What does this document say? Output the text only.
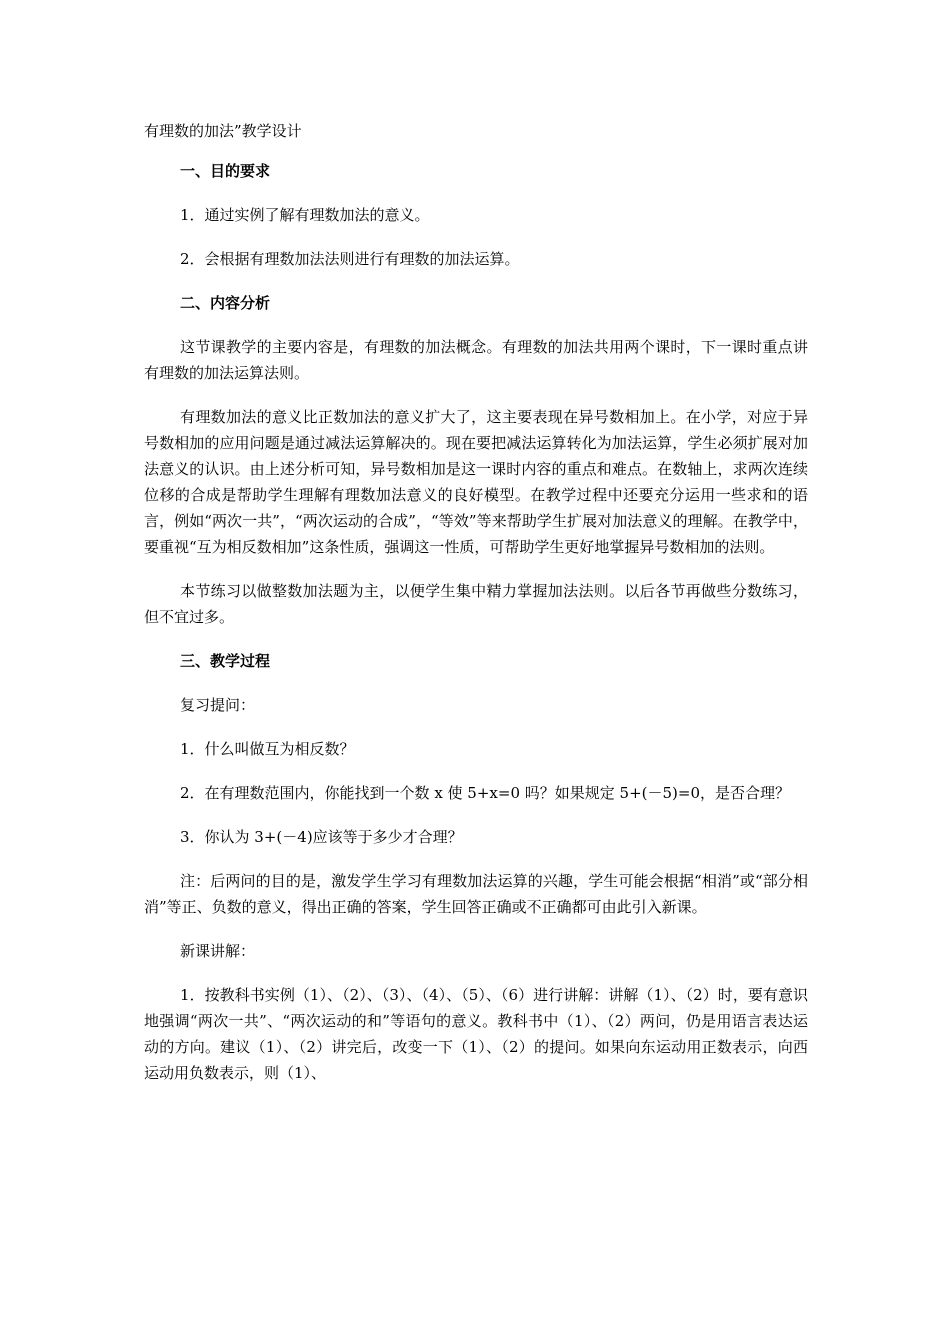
有理数的加法”教学设计

一、目的要求

1．通过实例了解有理数加法的意义。

2．会根据有理数加法法则进行有理数的加法运算。

二、内容分析

这节课教学的主要内容是，有理数的加法概念。有理数的加法共用两个课时，下一课时重点讲有理数的加法运算法则。

有理数加法的意义比正数加法的意义扩大了，这主要表现在异号数相加上。在小学，对应于异号数相加的应用问题是通过减法运算解决的。现在要把减法运算转化为加法运算，学生必须扩展对加法意义的认识。由上述分析可知，异号数相加是这一课时内容的重点和难点。在数轴上，求两次连续位移的合成是帮助学生理解有理数加法意义的良好模型。在教学过程中还要充分运用一些求和的语言，例如“两次一共”，“两次运动的合成”，“等效”等来帮助学生扩展对加法意义的理解。在教学中，要重视“互为相反数相加”这条性质，强调这一性质，可帮助学生更好地掌握异号数相加的法则。

本节练习以做整数加法题为主，以便学生集中精力掌握加法法则。以后各节再做些分数练习，但不宜过多。

三、教学过程

复习提问：

1．什么叫做互为相反数？

2．在有理数范围内，你能找到一个数 x 使 5+x=0 吗？如果规定 5+(－5)=0，是否合理？

3．你认为 3+(－4)应该等于多少才合理？

注：后两问的目的是，激发学生学习有理数加法运算的兴趣，学生可能会根据“相消”或“部分相消”等正、负数的意义，得出正确的答案，学生回答正确或不正确都可由此引入新课。

新课讲解：

1．按教科书实例（1）、（2）、（3）、（4）、（5）、（6）进行讲解：讲解（1）、（2）时，要有意识地强调“两次一共”、“两次运动的和”等语句的意义。教科书中（1）、（2）两问，仍是用语言表达运动的方向。建议（1）、（2）讲完后，改变一下（1）、（2）的提问。如果向东运动用正数表示，向西运动用负数表示，则（1）、
